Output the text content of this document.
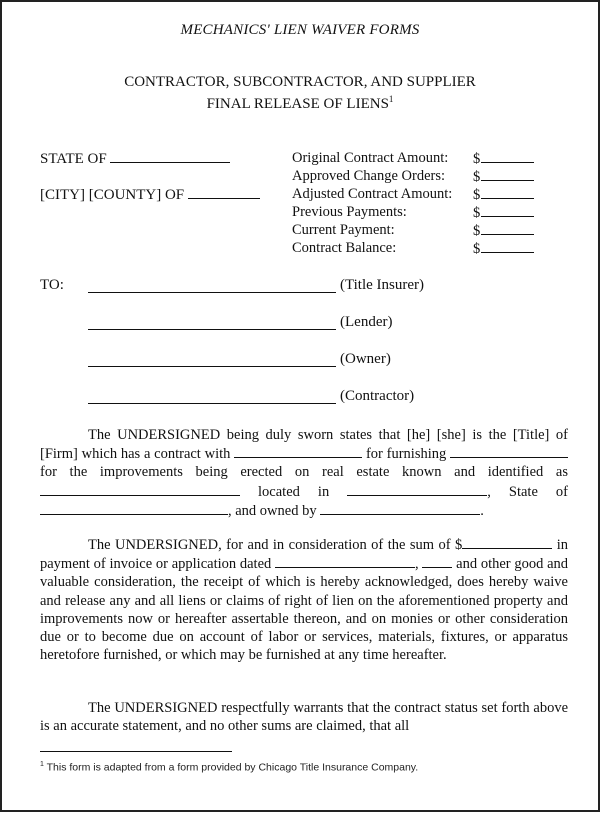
MECHANICS' LIEN WAIVER FORMS
CONTRACTOR, SUBCONTRACTOR, AND SUPPLIER
FINAL RELEASE OF LIENS$^1$
STATE OF
[CITY] [COUNTY] OF
Original Contract Amount: $
Approved Change Orders: $
Adjusted Contract Amount: $
Previous Payments:	$
Current Payment:	$
Contract Balance:	$
TO:	(Title Insurer)
(Lender)
(Owner)
(Contractor)
The UNDERSIGNED being duly sworn states that [he] [she] is the [Title] of [Firm] which has a contract with	for furnishing  for the improvements being erected on real estate known and identified as  located in	, State of , and owned by	.
The UNDERSIGNED, for and in consideration of the sum of $	in payment of invoice or application dated	,	and other good and valuable consideration, the receipt of which is hereby acknowledged, does hereby waive and release any and all liens or claims of right of lien on the aforementioned property and improvements now or hereafter assertable thereon, and on monies or other consideration due or to become due on account of labor or services, materials, fixtures, or apparatus heretofore furnished, or which may be furnished at any time hereafter.
The UNDERSIGNED respectfully warrants that the contract status set forth above is an accurate statement, and no other sums are claimed, that all
$^1$ This form is adapted from a form provided by Chicago Title Insurance Company.
